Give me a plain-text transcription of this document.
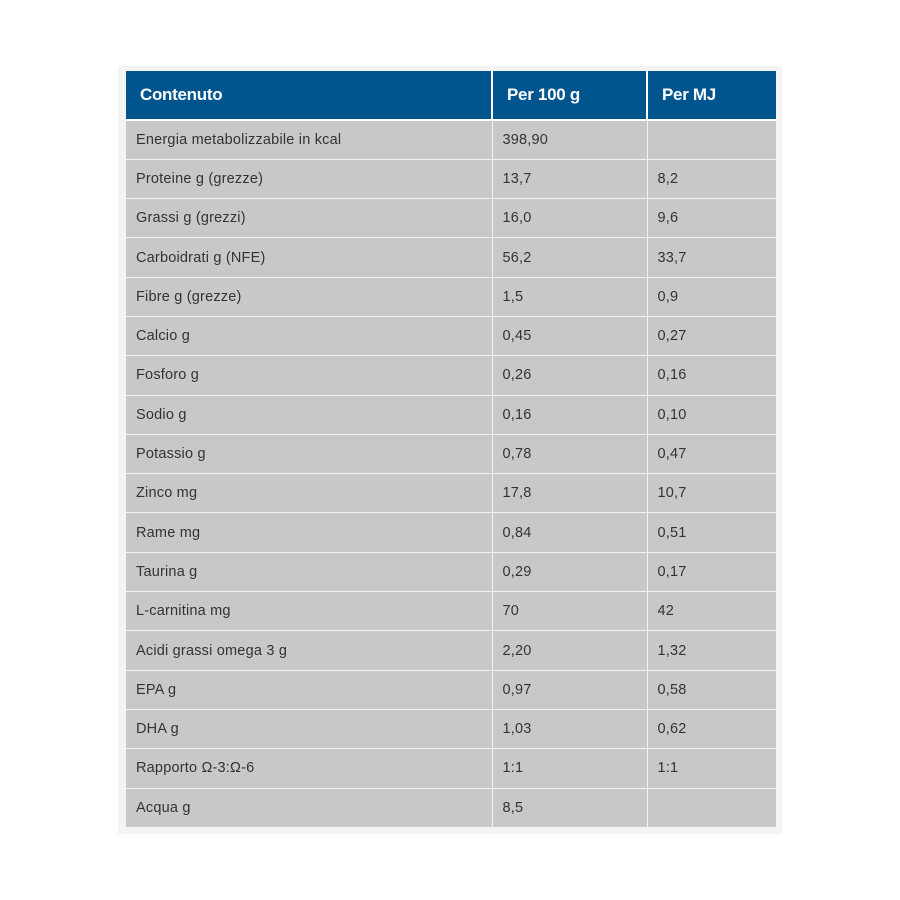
Contenuto	Per 100 g	Per MJ
Energia metabolizzabile in kcal	398,90	
Proteine g (grezze)	13,7	8,2
Grassi g (grezzi)	16,0	9,6
Carboidrati g (NFE)	56,2	33,7
Fibre g (grezze)	1,5	0,9
Calcio g	0,45	0,27
Fosforo g	0,26	0,16
Sodio g	0,16	0,10
Potassio g	0,78	0,47
Zinco mg	17,8	10,7
Rame mg	0,84	0,51
Taurina g	0,29	0,17
L-carnitina mg	70	42
Acidi grassi omega 3 g	2,20	1,32
EPA g	0,97	0,58
DHA g	1,03	0,62
Rapporto Ω-3:Ω-6	1:1	1:1
Acqua g	8,5	
